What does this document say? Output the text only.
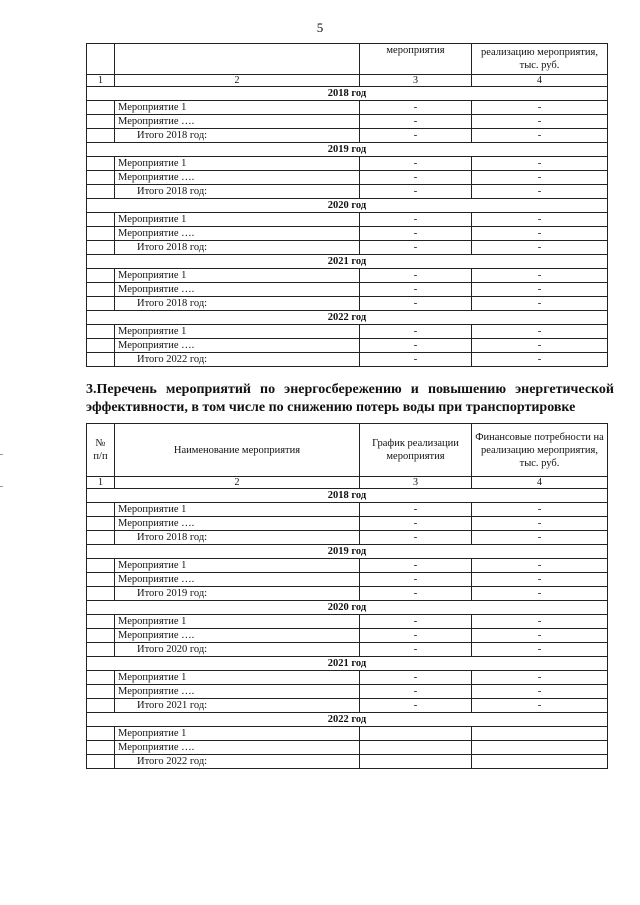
5
		мероприятия	реализацию мероприятия, тыс. руб.
1	2	3	4
2018 год			
	Мероприятие 1	-	-
	Мероприятие ….	-	-
	Итого 2018 год:	-	-
2019 год			
	Мероприятие 1	-	-
	Мероприятие ….	-	-
	Итого 2018 год:	-	-
2020 год			
	Мероприятие 1	-	-
	Мероприятие ….	-	-
	Итого 2018 год:	-	-
2021 год			
	Мероприятие 1	-	-
	Мероприятие ….	-	-
	Итого 2018 год:	-	-
2022 год			
	Мероприятие 1	-	-
	Мероприятие ….	-	-
	Итого 2022 год:	-	-
3.Перечень мероприятий по энергосбережению и повышению энергетической эффективности, в том числе по снижению потерь воды при транспортировке
№ п/п	Наименование мероприятия	График реализации мероприятия	Финансовые потребности на реализацию мероприятия, тыс. руб.
1	2	3	4
2018 год			
	Мероприятие 1	-	-
	Мероприятие ….	-	-
	Итого 2018 год:	-	-
2019 год			
	Мероприятие 1	-	-
	Мероприятие ….	-	-
	Итого 2019 год:	-	-
2020 год			
	Мероприятие 1	-	-
	Мероприятие ….	-	-
	Итого 2020 год:	-	-
2021 год			
	Мероприятие 1	-	-
	Мероприятие ….	-	-
	Итого 2021 год:	-	-
2022 год			
	Мероприятие 1		
	Мероприятие ….		
	Итого 2022 год:		
